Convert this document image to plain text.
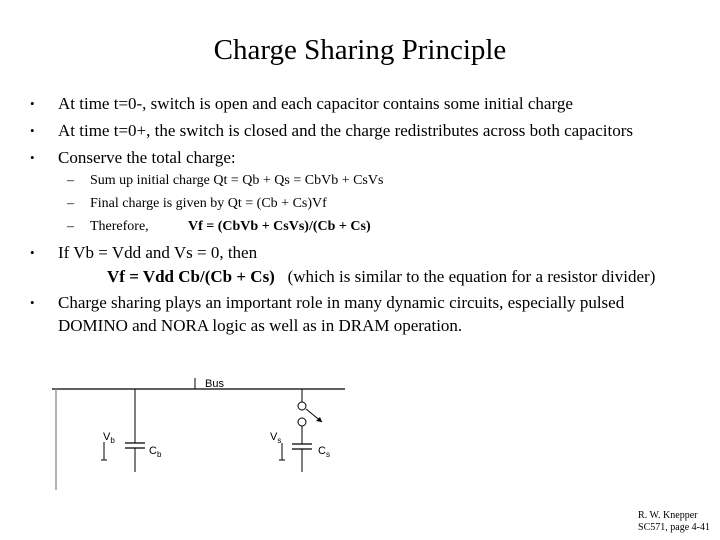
Charge Sharing Principle
• At time t=0-, switch is open and each capacitor contains some initial charge
• At time t=0+, the switch is closed and the charge redistributes across both capacitors
• Conserve the total charge:
– Sum up initial charge Qt = Qb + Qs = CbVb + CsVs
– Final charge is given by Qt = (Cb + Cs)Vf
– Therefore,	Vf = (CbVb + CsVs)/(Cb + Cs)
• If Vb = Vdd and Vs = 0, then
Vf = Vdd Cb/(Cb + Cs) (which is similar to the equation for a resistor divider)
• Charge sharing plays an important role in many dynamic circuits, especially pulsed
DOMINO and NORA logic as well as in DRAM operation.
Bus
$V_b$
$C_b$
$V_s$
$C_s$
R. W. Knepper
SC571, page 4-41
